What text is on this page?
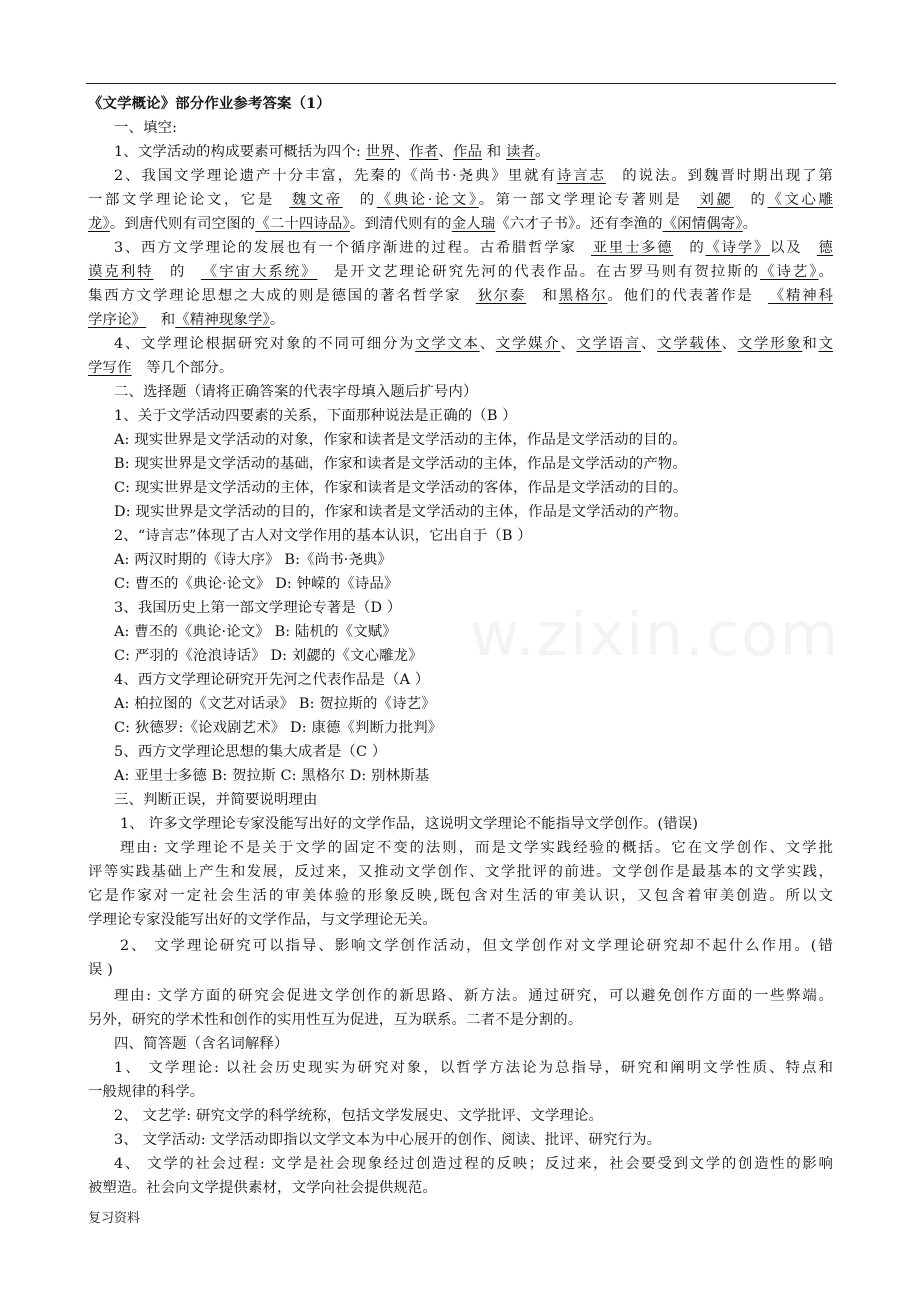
w.zixin.com
《文学概论》部分作业参考答案（1）
一、填空:
1、文学活动的构成要素可概括为四个: 世界、作者、作品 和 读者。
2、我国文学理论遗产十分丰富，先秦的《尚书·尧典》里就有诗言志  的说法。到魏晋时期出现了第
一部文学理论论文，它是  魏文帝  的《典论·论文》。第一部文学理论专著则是  刘勰  的《文心雕
龙》。到唐代则有司空图的《二十四诗品》。到清代则有的金人瑞《六才子书》。还有李渔的《闲情偶寄》。
3、西方文学理论的发展也有一个循序渐进的过程。古希腊哲学家  亚里士多德  的《诗学》以及  德
谟克利特  的  《宇宙大系统》  是开文艺理论研究先河的代表作品。在古罗马则有贺拉斯的《诗艺》。
集西方文学理论思想之大成的则是德国的著名哲学家  狄尔泰  和黑格尔。他们的代表著作是  《精神科
学序论》  和《精神现象学》。
4、文学理论根据研究对象的不同可细分为文学文本、文学媒介、文学语言、文学载体、文学形象和文
学写作  等几个部分。
二、选择题（请将正确答案的代表字母填入题后扩号内）
1、关于文学活动四要素的关系，下面那种说法是正确的（B ）
A: 现实世界是文学活动的对象，作家和读者是文学活动的主体，作品是文学活动的目的。
B: 现实世界是文学活动的基础，作家和读者是文学活动的主体，作品是文学活动的产物。
C: 现实世界是文学活动的主体，作家和读者是文学活动的客体，作品是文学活动的目的。
D: 现实世界是文学活动的目的，作家和读者是文学活动的主体，作品是文学活动的产物。
2、“诗言志”体现了古人对文学作用的基本认识，它出自于（B ）
A: 两汉时期的《诗大序》 B:《尚书·尧典》
C: 曹丕的《典论·论文》 D: 钟嵘的《诗品》
3、我国历史上第一部文学理论专著是（D ）
A: 曹丕的《典论·论文》 B: 陆机的《文赋》
C: 严羽的《沧浪诗话》 D: 刘勰的《文心雕龙》
4、西方文学理论研究开先河之代表作品是（A ）
A: 柏拉图的《文艺对话录》 B: 贺拉斯的《诗艺》
C: 狄德罗:《论戏剧艺术》 D: 康德《判断力批判》
5、西方文学理论思想的集大成者是（C ）
A: 亚里士多德 B: 贺拉斯 C: 黑格尔 D: 别林斯基
三、判断正误，并简要说明理由
1、 许多文学理论专家没能写出好的文学作品，这说明文学理论不能指导文学创作。(错误)
理由: 文学理论不是关于文学的固定不变的法则，而是文学实践经验的概括。它在文学创作、文学批
评等实践基础上产生和发展，反过来，又推动文学创作、文学批评的前进。文学创作是最基本的文学实践，
它是作家对一定社会生活的审美体验的形象反映,既包含对生活的审美认识，又包含着审美创造。所以文
学理论专家没能写出好的文学作品，与文学理论无关。
2、 文学理论研究可以指导、影响文学创作活动，但文学创作对文学理论研究却不起什么作用。(错
误 )
理由: 文学方面的研究会促进文学创作的新思路、新方法。通过研究，可以避免创作方面的一些弊端。
另外，研究的学术性和创作的实用性互为促进，互为联系。二者不是分割的。
四、简答题（含名词解释）
1、 文学理论: 以社会历史现实为研究对象，以哲学方法论为总指导，研究和阐明文学性质、特点和
一般规律的科学。
2、 文艺学: 研究文学的科学统称，包括文学发展史、文学批评、文学理论。
3、 文学活动: 文学活动即指以文学文本为中心展开的创作、阅读、批评、研究行为。
4、 文学的社会过程: 文学是社会现象经过创造过程的反映；反过来，社会要受到文学的创造性的影响
被塑造。社会向文学提供素材，文学向社会提供规范。
复习资料
